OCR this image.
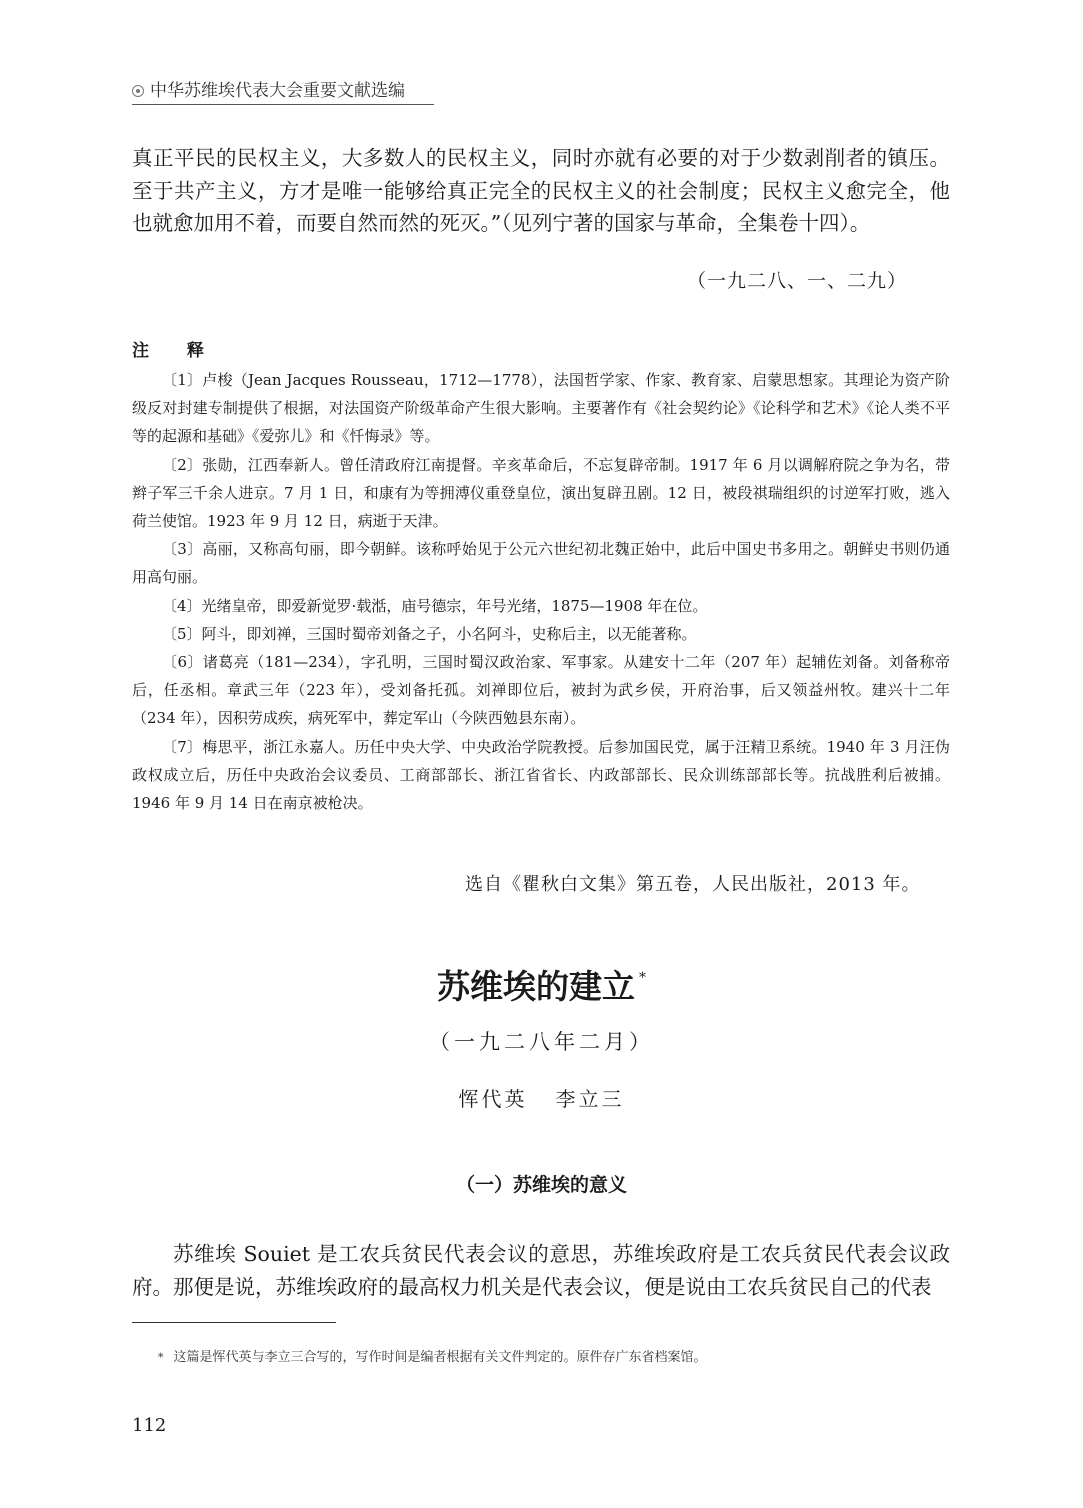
中华苏维埃代表大会重要文献选编

真正平民的民权主义，大多数人的民权主义，同时亦就有必要的对于少数剥削者的镇压。至于共产主义，方才是唯一能够给真正完全的民权主义的社会制度；民权主义愈完全，他也就愈加用不着，而要自然而然的死灭。”（见列宁著的国家与革命，全集卷十四）。

（一九二八、一、二九）
注 释

〔1〕卢梭（Jean Jacques Rousseau，1712—1778），法国哲学家、作家、教育家、启蒙思想家。其理论为资产阶级反对封建专制提供了根据，对法国资产阶级革命产生很大影响。主要著作有《社会契约论》《论科学和艺术》《论人类不平等的起源和基础》《爱弥儿》和《忏悔录》等。

〔2〕张勋，江西奉新人。曾任清政府江南提督。辛亥革命后，不忘复辟帝制。1917 年 6 月以调解府院之争为名，带辫子军三千余人进京。7 月 1 日，和康有为等拥溥仪重登皇位，演出复辟丑剧。12 日，被段祺瑞组织的讨逆军打败，逃入荷兰使馆。1923 年 9 月 12 日，病逝于天津。

〔3〕高丽，又称高句丽，即今朝鲜。该称呼始见于公元六世纪初北魏正始中，此后中国史书多用之。朝鲜史书则仍通用高句丽。

〔4〕光绪皇帝，即爱新觉罗·载湉，庙号德宗，年号光绪，1875—1908 年在位。

〔5〕阿斗，即刘禅，三国时蜀帝刘备之子，小名阿斗，史称后主，以无能著称。

〔6〕诸葛亮（181—234），字孔明，三国时蜀汉政治家、军事家。从建安十二年（207 年）起辅佐刘备。刘备称帝后，任丞相。章武三年（223 年），受刘备托孤。刘禅即位后，被封为武乡侯，开府治事，后又领益州牧。建兴十二年（234 年），因积劳成疾，病死军中，葬定军山（今陕西勉县东南）。

〔7〕梅思平，浙江永嘉人。历任中央大学、中央政治学院教授。后参加国民党，属于汪精卫系统。1940 年 3 月汪伪政权成立后，历任中央政治会议委员、工商部部长、浙江省省长、内政部部长、民众训练部部长等。抗战胜利后被捕。1946 年 9 月 14 日在南京被枪决。

选自《瞿秋白文集》第五卷，人民出版社，2013 年。
苏维埃的建立 *
（一九二八年二月）
恽代英 李立三
（一）苏维埃的意义

苏维埃 Souiet 是工农兵贫民代表会议的意思，苏维埃政府是工农兵贫民代表会议政府。那便是说，苏维埃政府的最高权力机关是代表会议，便是说由工农兵贫民自己的代表

* 这篇是恽代英与李立三合写的，写作时间是编者根据有关文件判定的。原件存广东省档案馆。
112
